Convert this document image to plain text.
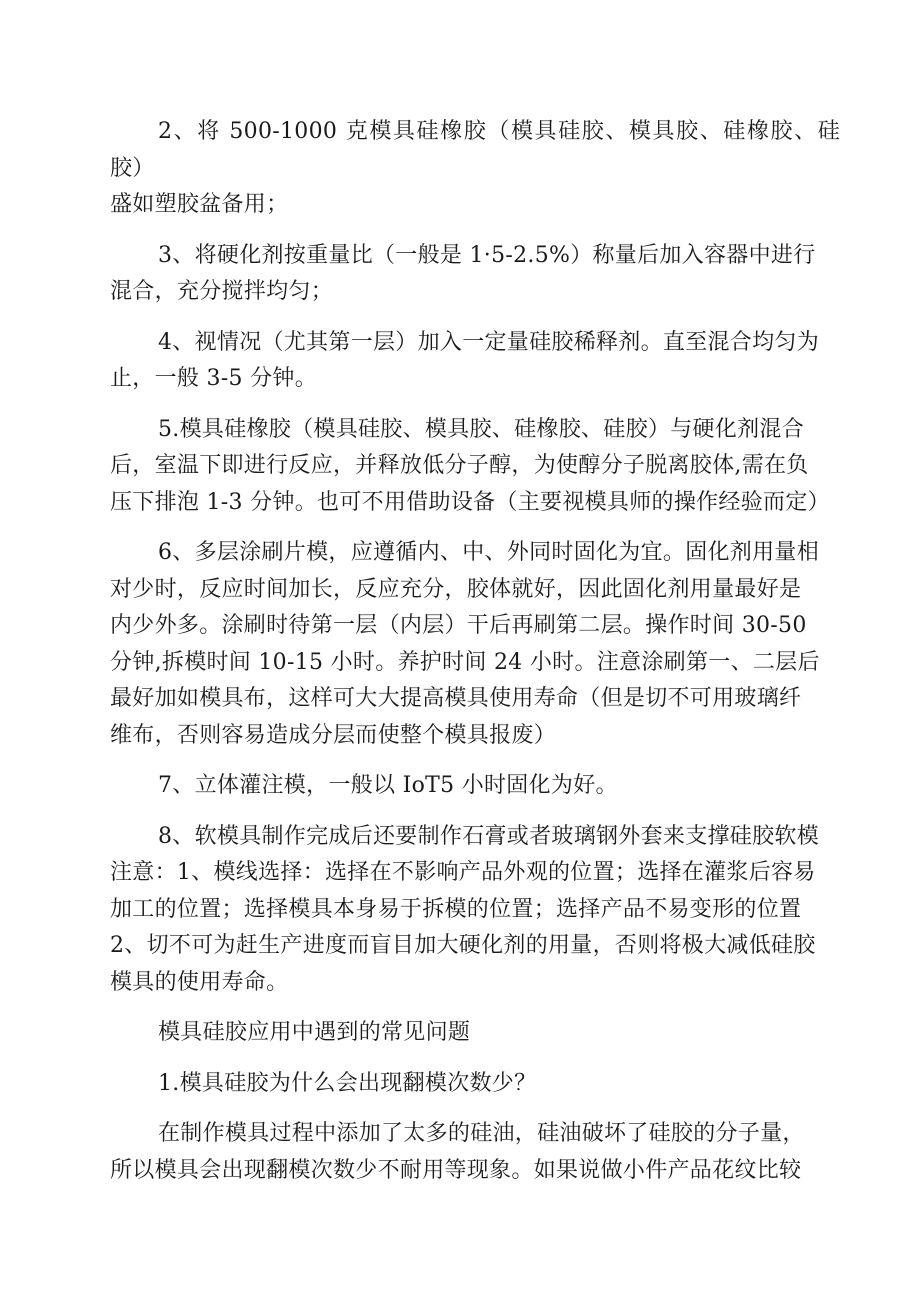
2、将 500-1000 克模具硅橡胶（模具硅胶、模具胶、硅橡胶、硅胶）
盛如塑胶盆备用；

3、将硬化剂按重量比（一般是 1·5-2.5%）称量后加入容器中进行
混合，充分搅拌均匀；

4、视情况（尤其第一层）加入一定量硅胶稀释剂。直至混合均匀为
止，一般 3-5 分钟。

5.模具硅橡胶（模具硅胶、模具胶、硅橡胶、硅胶）与硬化剂混合
后，室温下即进行反应，并释放低分子醇，为使醇分子脱离胶体,需在负
压下排泡 1-3 分钟。也可不用借助设备（主要视模具师的操作经验而定）

6、多层涂刷片模，应遵循内、中、外同时固化为宜。固化剂用量相
对少时，反应时间加长，反应充分，胶体就好，因此固化剂用量最好是
内少外多。涂刷时待第一层（内层）干后再刷第二层。操作时间 30-50
分钟,拆模时间 10-15 小时。养护时间 24 小时。注意涂刷第一、二层后
最好加如模具布，这样可大大提高模具使用寿命（但是切不可用玻璃纤
维布，否则容易造成分层而使整个模具报废）

7、立体灌注模，一般以 IoT5 小时固化为好。

8、软模具制作完成后还要制作石膏或者玻璃钢外套来支撑硅胶软模
注意：1、模线选择：选择在不影响产品外观的位置；选择在灌浆后容易
加工的位置；选择模具本身易于拆模的位置；选择产品不易变形的位置
2、切不可为赶生产进度而盲目加大硬化剂的用量，否则将极大减低硅胶
模具的使用寿命。

模具硅胶应用中遇到的常见问题

1.模具硅胶为什么会出现翻模次数少？

在制作模具过程中添加了太多的硅油，硅油破坏了硅胶的分子量，
所以模具会出现翻模次数少不耐用等现象。如果说做小件产品花纹比较
